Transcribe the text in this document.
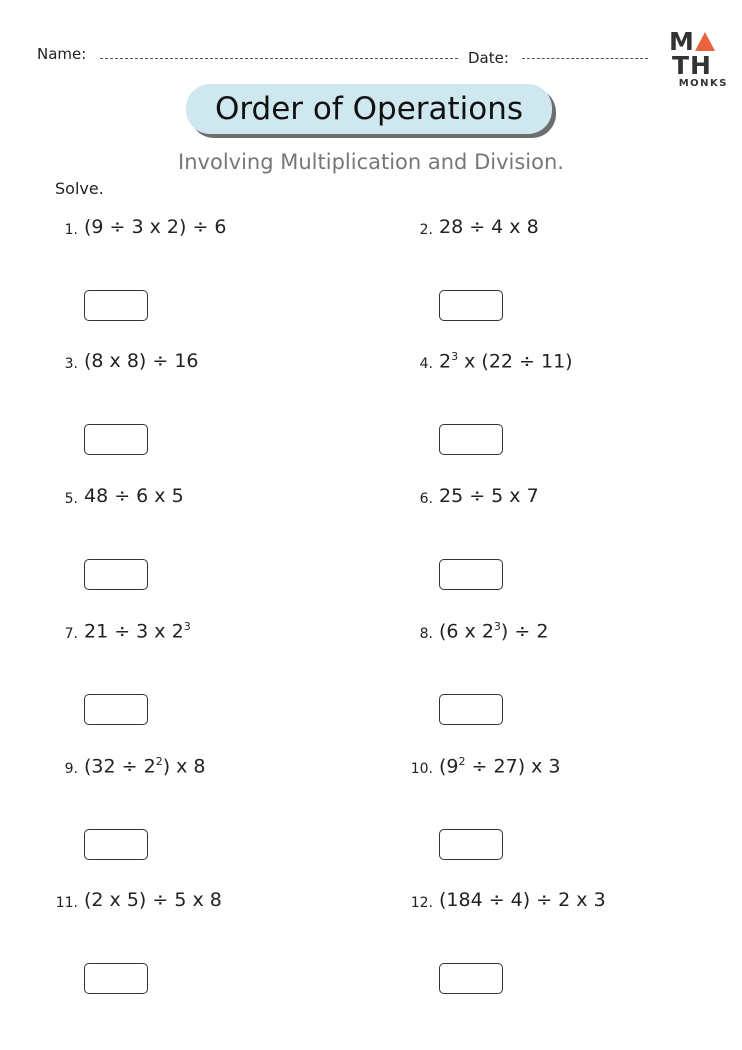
Name:	Date:
MTH
MONKS
Order of Operations
Involving Multiplication and Division.
Solve.
1. (9 ÷ 3 x 2) ÷ 6	2. 28 ÷ 4 x 8
3. (8 x 8) ÷ 16	4. $2^3$ x (22 ÷ 11)
5. 48 ÷ 6 x 5	6. 25 ÷ 5 x 7
7. 21 ÷ 3 x $2^3$	8. (6 x $2^3) \div 2$
9. $(32 \div 2^2)$ x 8	10. $(9^2 \div 27)$ x 3
11. (2 x 5) ÷ 5 x 8	12. (184 ÷ 4) ÷ 2 x 3
